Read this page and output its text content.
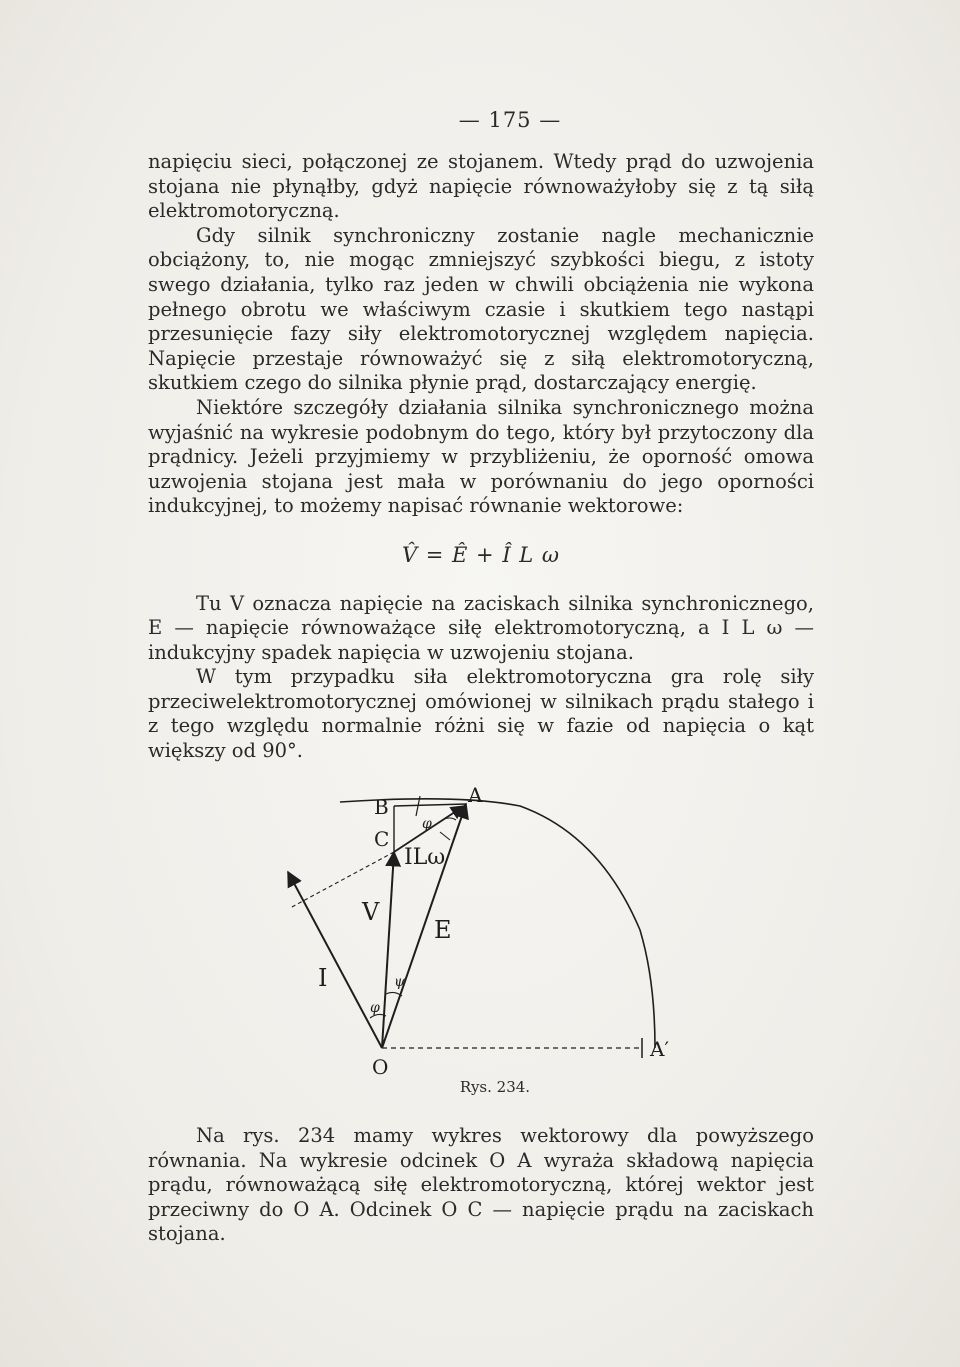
— 175 —

napięciu sieci, połączonej ze stojanem. Wtedy prąd do uzwojenia stojana nie płynąłby, gdyż napięcie równoważyłoby się z tą siłą elektromotoryczną.

Gdy silnik synchroniczny zostanie nagle mechanicznie obciążony, to, nie mogąc zmniejszyć szybkości biegu, z istoty swego działania, tylko raz jeden w chwili obciążenia nie wykona pełnego obrotu we właściwym czasie i skutkiem tego nastąpi przesunięcie fazy siły elektromotorycznej względem napięcia. Napięcie przestaje równoważyć się z siłą elektromotoryczną, skutkiem czego do silnika płynie prąd, dostarczający energię.

Niektóre szczegóły działania silnika synchronicznego można wyjaśnić na wykresie podobnym do tego, który był przytoczony dla prądnicy. Jeżeli przyjmiemy w przybliżeniu, że oporność omowa uzwojenia stojana jest mała w porównaniu do jego oporności indukcyjnej, to możemy napisać równanie wektorowe:

V̂ = Ê + Î L ω

Tu V oznacza napięcie na zaciskach silnika synchronicznego, E — napięcie równoważące siłę elektromotoryczną, a I L ω — indukcyjny spadek napięcia w uzwojeniu stojana.

W tym przypadku siła elektromotoryczna gra rolę siły przeciwelektromotorycznej omówionej w silnikach prądu stałego i z tego względu normalnie różni się w fazie od napięcia o kąt większy od 90°.

B	A
C
ILω
φ
V
E
I	ψ
φ
O
A′
Rys. 234.

Na rys. 234 mamy wykres wektorowy dla powyższego równania. Na wykresie odcinek O A wyraża składową napięcia prądu, równoważącą siłę elektromotoryczną, której wektor jest przeciwny do O A. Odcinek O C — napięcie prądu na zaciskach stojana.
